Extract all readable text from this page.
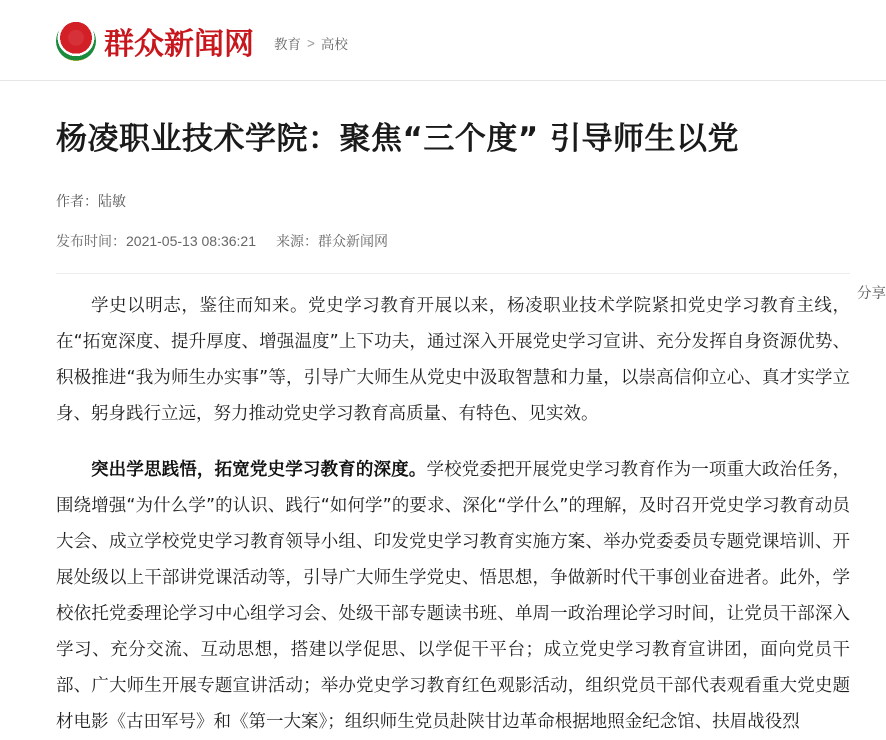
群众新闻网 教育 > 高校
杨凌职业技术学院：聚焦“三个度” 引导师生以党
作者：陆敏
发布时间：2021-05-13 08:36:21 来源：群众新闻网
分享

学史以明志，鉴往而知来。党史学习教育开展以来，杨凌职业技术学院紧扣党史学习教育主线，在“拓宽深度、提升厚度、增强温度”上下功夫，通过深入开展党史学习宣讲、充分发挥自身资源优势、积极推进“我为师生办实事”等，引导广大师生从党史中汲取智慧和力量，以崇高信仰立心、真才实学立身、躬身践行立远，努力推动党史学习教育高质量、有特色、见实效。

突出学思践悟，拓宽党史学习教育的深度。学校党委把开展党史学习教育作为一项重大政治任务，围绕增强“为什么学”的认识、践行“如何学”的要求、深化“学什么”的理解，及时召开党史学习教育动员大会、成立学校党史学习教育领导小组、印发党史学习教育实施方案、举办党委委员专题党课培训、开展处级以上干部讲党课活动等，引导广大师生学党史、悟思想，争做新时代干事创业奋进者。此外，学校依托党委理论学习中心组学习会、处级干部专题读书班、单周一政治理论学习时间，让党员干部深入学习、充分交流、互动思想，搭建以学促思、以学促干平台；成立党史学习教育宣讲团，面向党员干部、广大师生开展专题宣讲活动；举办党史学习教育红色观影活动，组织党员干部代表观看重大党史题材电影《古田军号》和《第一大案》；组织师生党员赴陕甘边革命根据地照金纪念馆、扶眉战役烈
